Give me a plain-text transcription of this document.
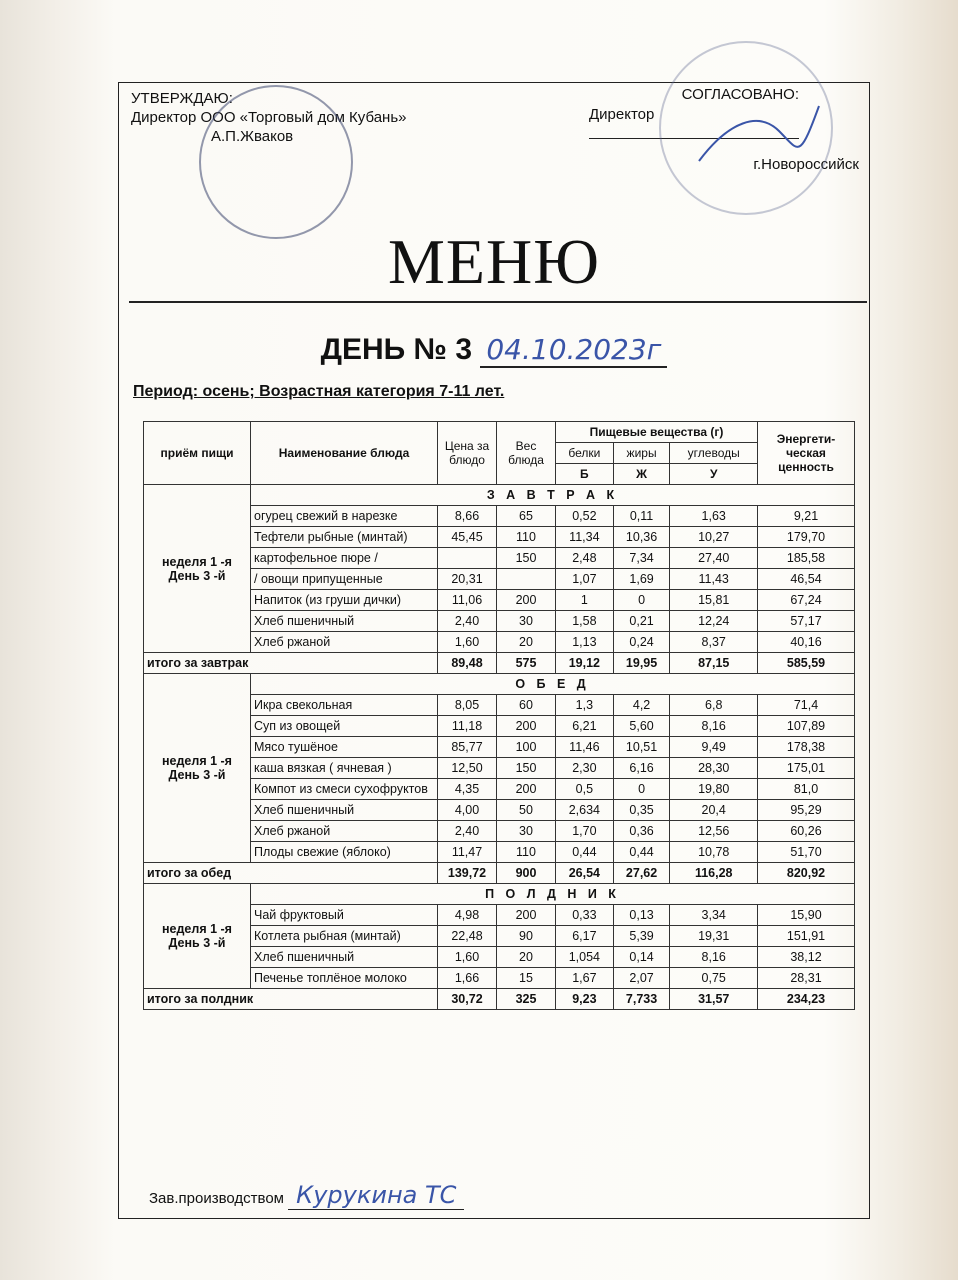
УТВЕРЖДАЮ:
Директор ООО «Торговый дом Кубань»
А.П.Жваков
СОГЛАСОВАНО:
Директор
г.Новороссийск
МЕНЮ
ДЕНЬ № 3 04.10.2023г
Период: осень; Возрастная категория 7-11 лет.
приём пищи	Наименование блюда	Цена за блюдо	Вес блюда	Пищевые вещества (г)			Энергети-ческая ценность
				белки	жиры	углеводы	
				Б	Ж	У	
неделя 1 -я День 3 -й	З А В Т Р А К						
	огурец свежий в нарезке	8,66	65	0,52	0,11	1,63	9,21
	Тефтели рыбные (минтай)	45,45	110	11,34	10,36	10,27	179,70
	картофельное пюре /		150	2,48	7,34	27,40	185,58
	/ овощи припущенные	20,31		1,07	1,69	11,43	46,54
	Напиток (из груши дички)	11,06	200	1	0	15,81	67,24
	Хлеб пшеничный	2,40	30	1,58	0,21	12,24	57,17
	Хлеб ржаной	1,60	20	1,13	0,24	8,37	40,16
итого за завтрак		89,48	575	19,12	19,95	87,15	585,59
неделя 1 -я День 3 -й	О Б Е Д						
	Икра свекольная	8,05	60	1,3	4,2	6,8	71,4
	Суп из овощей	11,18	200	6,21	5,60	8,16	107,89
	Мясо тушёное	85,77	100	11,46	10,51	9,49	178,38
	каша вязкая ( ячневая )	12,50	150	2,30	6,16	28,30	175,01
	Компот из смеси сухофруктов	4,35	200	0,5	0	19,80	81,0
	Хлеб пшеничный	4,00	50	2,634	0,35	20,4	95,29
	Хлеб ржаной	2,40	30	1,70	0,36	12,56	60,26
	Плоды свежие (яблоко)	11,47	110	0,44	0,44	10,78	51,70
итого за обед		139,72	900	26,54	27,62	116,28	820,92
неделя 1 -я День 3 -й	П О Л Д Н И К						
	Чай фруктовый	4,98	200	0,33	0,13	3,34	15,90
	Котлета рыбная (минтай)	22,48	90	6,17	5,39	19,31	151,91
	Хлеб пшеничный	1,60	20	1,054	0,14	8,16	38,12
	Печенье топлёное молоко	1,66	15	1,67	2,07	0,75	28,31
итого за полдник		30,72	325	9,23	7,733	31,57	234,23
Зав.производством Курукина ТС
